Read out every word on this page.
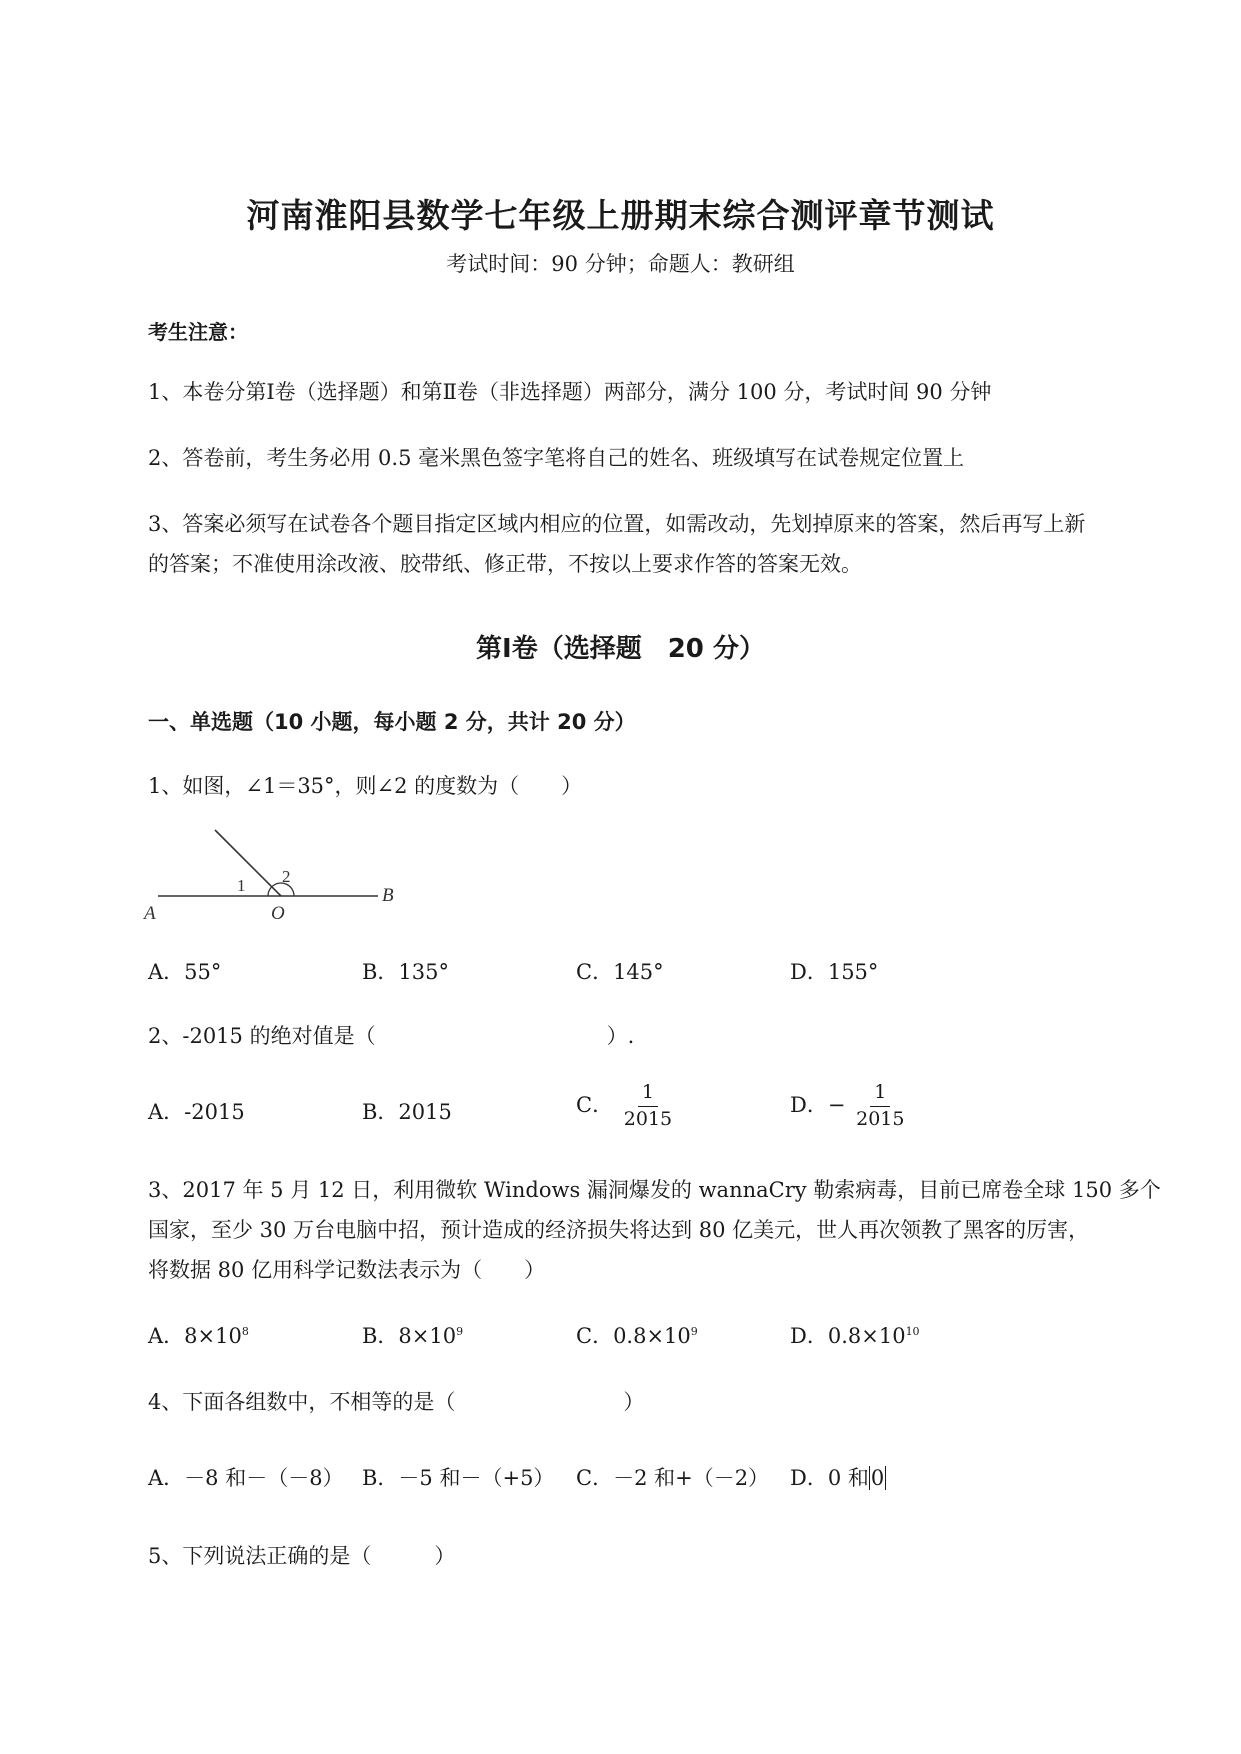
河南淮阳县数学七年级上册期末综合测评章节测试
考试时间：90 分钟；命题人：教研组
考生注意：
1、本卷分第Ⅰ卷（选择题）和第Ⅱ卷（非选择题）两部分，满分 100 分，考试时间 90 分钟
2、答卷前，考生务必用 0.5 毫米黑色签字笔将自己的姓名、班级填写在试卷规定位置上
3、答案必须写在试卷各个题目指定区域内相应的位置，如需改动，先划掉原来的答案，然后再写上新
的答案；不准使用涂改液、胶带纸、修正带，不按以上要求作答的答案无效。
第Ⅰ卷（选择题　20 分）
一、单选题（10 小题，每小题 2 分，共计 20 分）
1、如图，∠1＝35°，则∠2 的度数为（　　）
A
B
O
1 2
A．55°	B．135°	C．145°	D．155°
2、-2015 的绝对值是（　　　　　　　　　　　）.
A．-2015	B．2015	C． $\frac{1}{2015}$	D．− $\frac{1}{2015}$
3、2017 年 5 月 12 日，利用微软 Windows 漏洞爆发的 wannaCry 勒索病毒，目前已席卷全球 150 多个
国家，至少 30 万台电脑中招，预计造成的经济损失将达到 80 亿美元，世人再次领教了黑客的厉害，
将数据 80 亿用科学记数法表示为（　　）
A．$8\times 10^8$	B．$8\times 10^9$	C．$0.8\times 10^9$	D．$0.8\times 10^{10}$
4、下面各组数中，不相等的是（　　　　　　　　）
A．－8 和－（－8） B．－5 和－（+5） C．－2 和+（－2） D．0 和0
5、下列说法正确的是（　　　）
